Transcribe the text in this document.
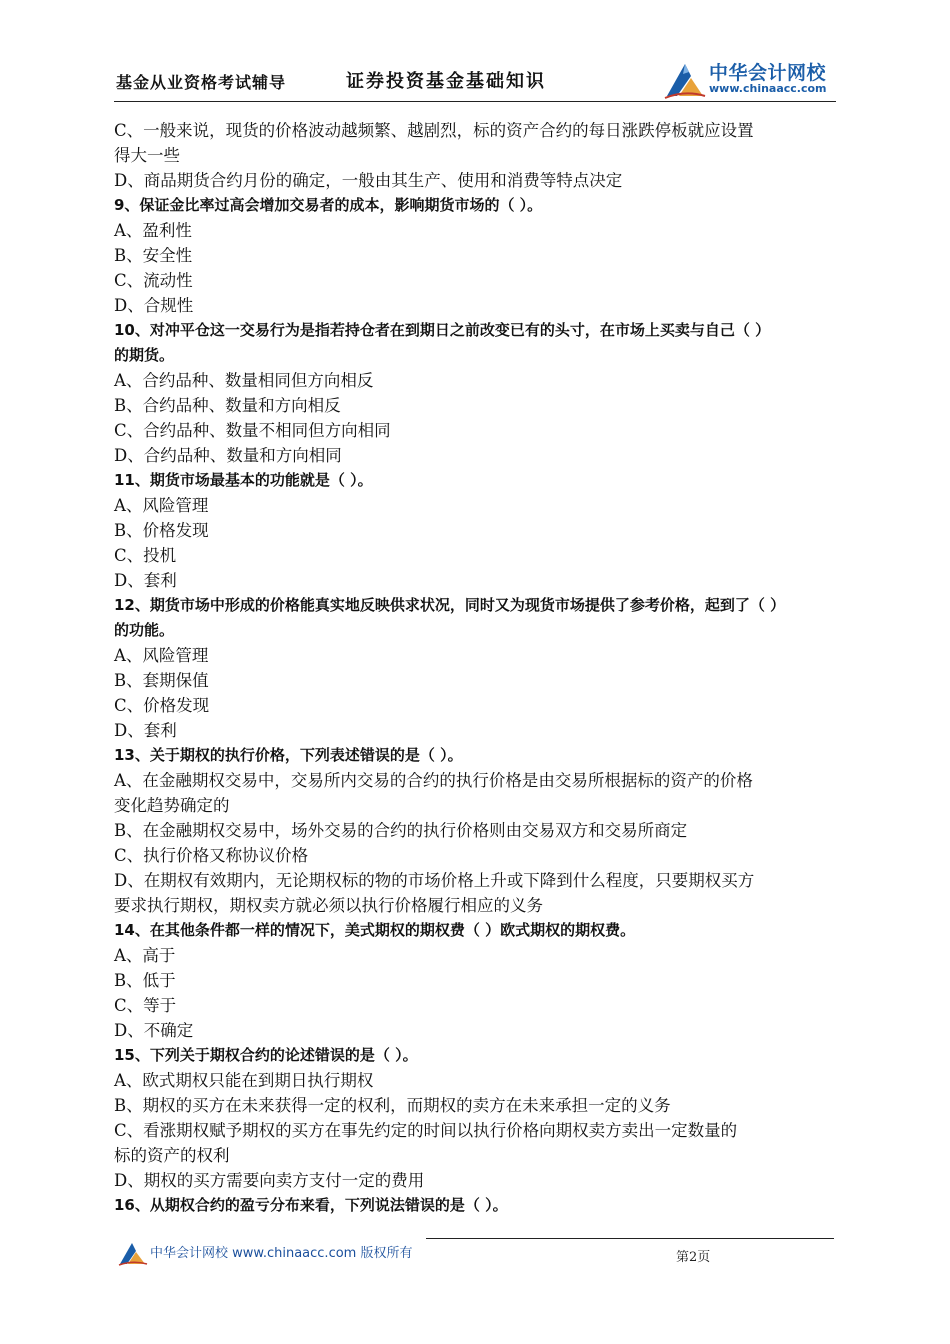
基金从业资格考试辅导	证券投资基金基础知识	中华会计网校
www.chinaacc.com
C、一般来说，现货的价格波动越频繁、越剧烈，标的资产合约的每日涨跌停板就应设置
得大一些
D、商品期货合约月份的确定，一般由其生产、使用和消费等特点决定
9、保证金比率过高会增加交易者的成本，影响期货市场的（ ）。
A、盈利性
B、安全性
C、流动性
D、合规性
10、对冲平仓这一交易行为是指若持仓者在到期日之前改变已有的头寸，在市场上买卖与自己（ ）
的期货。
A、合约品种、数量相同但方向相反
B、合约品种、数量和方向相反
C、合约品种、数量不相同但方向相同
D、合约品种、数量和方向相同
11、期货市场最基本的功能就是（ ）。
A、风险管理
B、价格发现
C、投机
D、套利
12、期货市场中形成的价格能真实地反映供求状况，同时又为现货市场提供了参考价格，起到了（ ）
的功能。
A、风险管理
B、套期保值
C、价格发现
D、套利
13、关于期权的执行价格，下列表述错误的是（ ）。
A、在金融期权交易中，交易所内交易的合约的执行价格是由交易所根据标的资产的价格
变化趋势确定的
B、在金融期权交易中，场外交易的合约的执行价格则由交易双方和交易所商定
C、执行价格又称协议价格
D、在期权有效期内，无论期权标的物的市场价格上升或下降到什么程度，只要期权买方
要求执行期权，期权卖方就必须以执行价格履行相应的义务
14、在其他条件都一样的情况下，美式期权的期权费（ ）欧式期权的期权费。
A、高于
B、低于
C、等于
D、不确定
15、下列关于期权合约的论述错误的是（ ）。
A、欧式期权只能在到期日执行期权
B、期权的买方在未来获得一定的权利，而期权的卖方在未来承担一定的义务
C、看涨期权赋予期权的买方在事先约定的时间以执行价格向期权卖方卖出一定数量的
标的资产的权利
D、期权的买方需要向卖方支付一定的费用
16、从期权合约的盈亏分布来看，下列说法错误的是（ ）。
中华会计网校 www.chinaacc.com 版权所有	第2页
